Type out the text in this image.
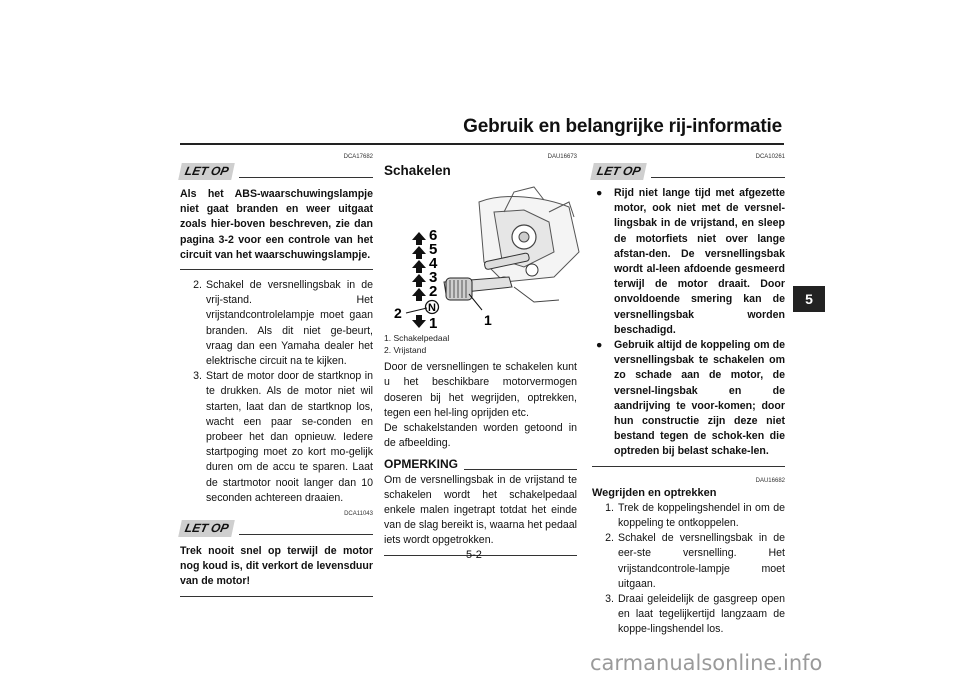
Gebruik en belangrijke rij-informatie
5
DCA17682
LET OP
Als het ABS-waarschuwingslampje niet gaat branden en weer uitgaat zoals hier-boven beschreven, zie dan pagina 3-2 voor een controle van het circuit van het waarschuwingslampje.
2. Schakel de versnellingsbak in de vrij-stand. Het vrijstandcontrolelampje moet gaan branden. Als dit niet ge-beurt, vraag dan een Yamaha dealer het elektrische circuit na te kijken.
3. Start de motor door de startknop in te drukken. Als de motor niet wil starten, laat dan de startknop los, wacht een paar se-conden en probeer het dan opnieuw. Iedere startpoging moet zo kort mo-gelijk duren om de accu te sparen. Laat de startmotor nooit langer dan 10 seconden achtereen draaien.
DCA11043
LET OP
Trek nooit snel op terwijl de motor nog koud is, dit verkort de levensduur van de motor!
DAU16673
Schakelen
6
5
4
3
2
N
1
2	1
1. Schakelpedaal
2. Vrijstand

Door de versnellingen te schakelen kunt u het beschikbare motorvermogen doseren bij het wegrijden, optrekken, tegen een hel-ling oprijden etc.

De schakelstanden worden getoond in de afbeelding.

OPMERKING

Om de versnellingsbak in de vrijstand te schakelen wordt het schakelpedaal enkele malen ingetrapt totdat het einde van de slag bereikt is, waarna het pedaal iets wordt opgetrokken.

DCA10261
LET OP
●	Rijd niet lange tijd met afgezette motor, ook niet met de versnel-lingsbak in de vrijstand, en sleep de motorfiets niet over lange afstan-den. De versnellingsbak wordt al-leen afdoende gesmeerd terwijl de motor draait. Door onvoldoende smering kan de versnellingsbak worden beschadigd.
●	Gebruik altijd de koppeling om de versnellingsbak te schakelen om zo schade aan de motor, de versnel-lingsbak en de aandrijving te voor-komen; door hun constructie zijn deze niet bestand tegen de schok-ken die optreden bij belast schake-len.
DAU16682
Wegrijden en optrekken
1. Trek de koppelingshendel in om de koppeling te ontkoppelen.
2. Schakel de versnellingsbak in de eer-ste versnelling. Het vrijstandcontrole-lampje moet uitgaan.
3. Draai geleidelijk de gasgreep open en laat tegelijkertijd langzaam de koppe-lingshendel los.
5-2
carmanualsonline.info
